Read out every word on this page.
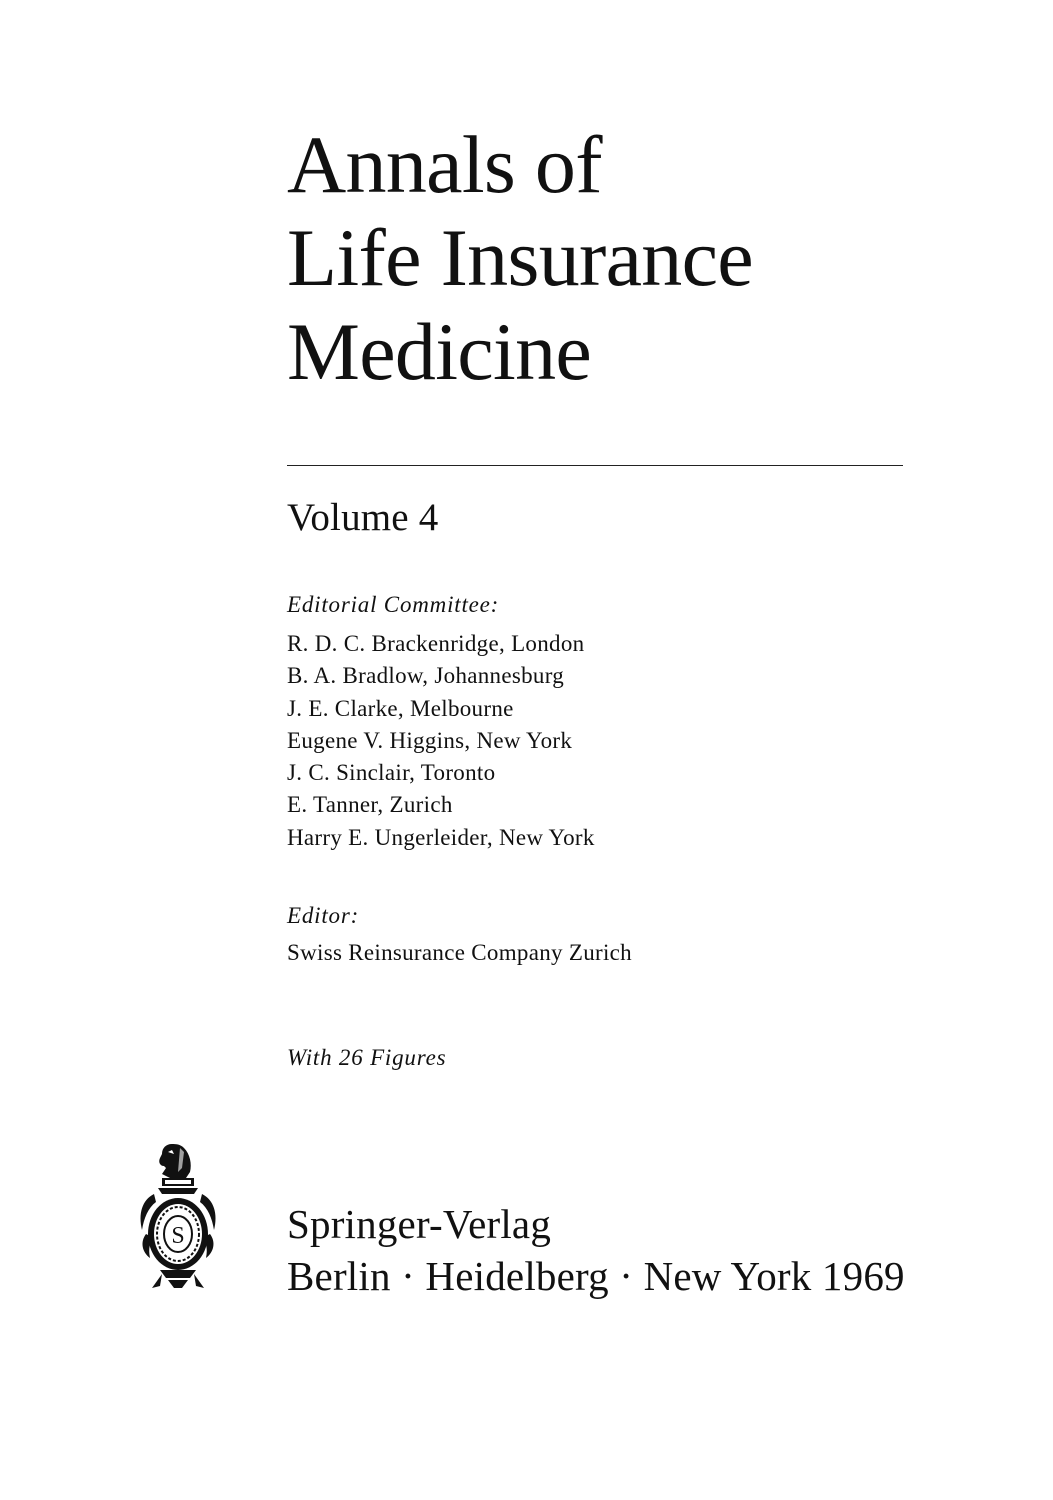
Annals of
Life Insurance
Medicine
Volume 4
Editorial Committee:
R. D. C. Brackenridge, London
B. A. Bradlow, Johannesburg
J. E. Clarke, Melbourne
Eugene V. Higgins, New York
J. C. Sinclair, Toronto
E. Tanner, Zurich
Harry E. Ungerleider, New York
Editor:
Swiss Reinsurance Company Zurich
With 26 Figures
S Springer-Verlag
Berlin · Heidelberg · New York 1969
